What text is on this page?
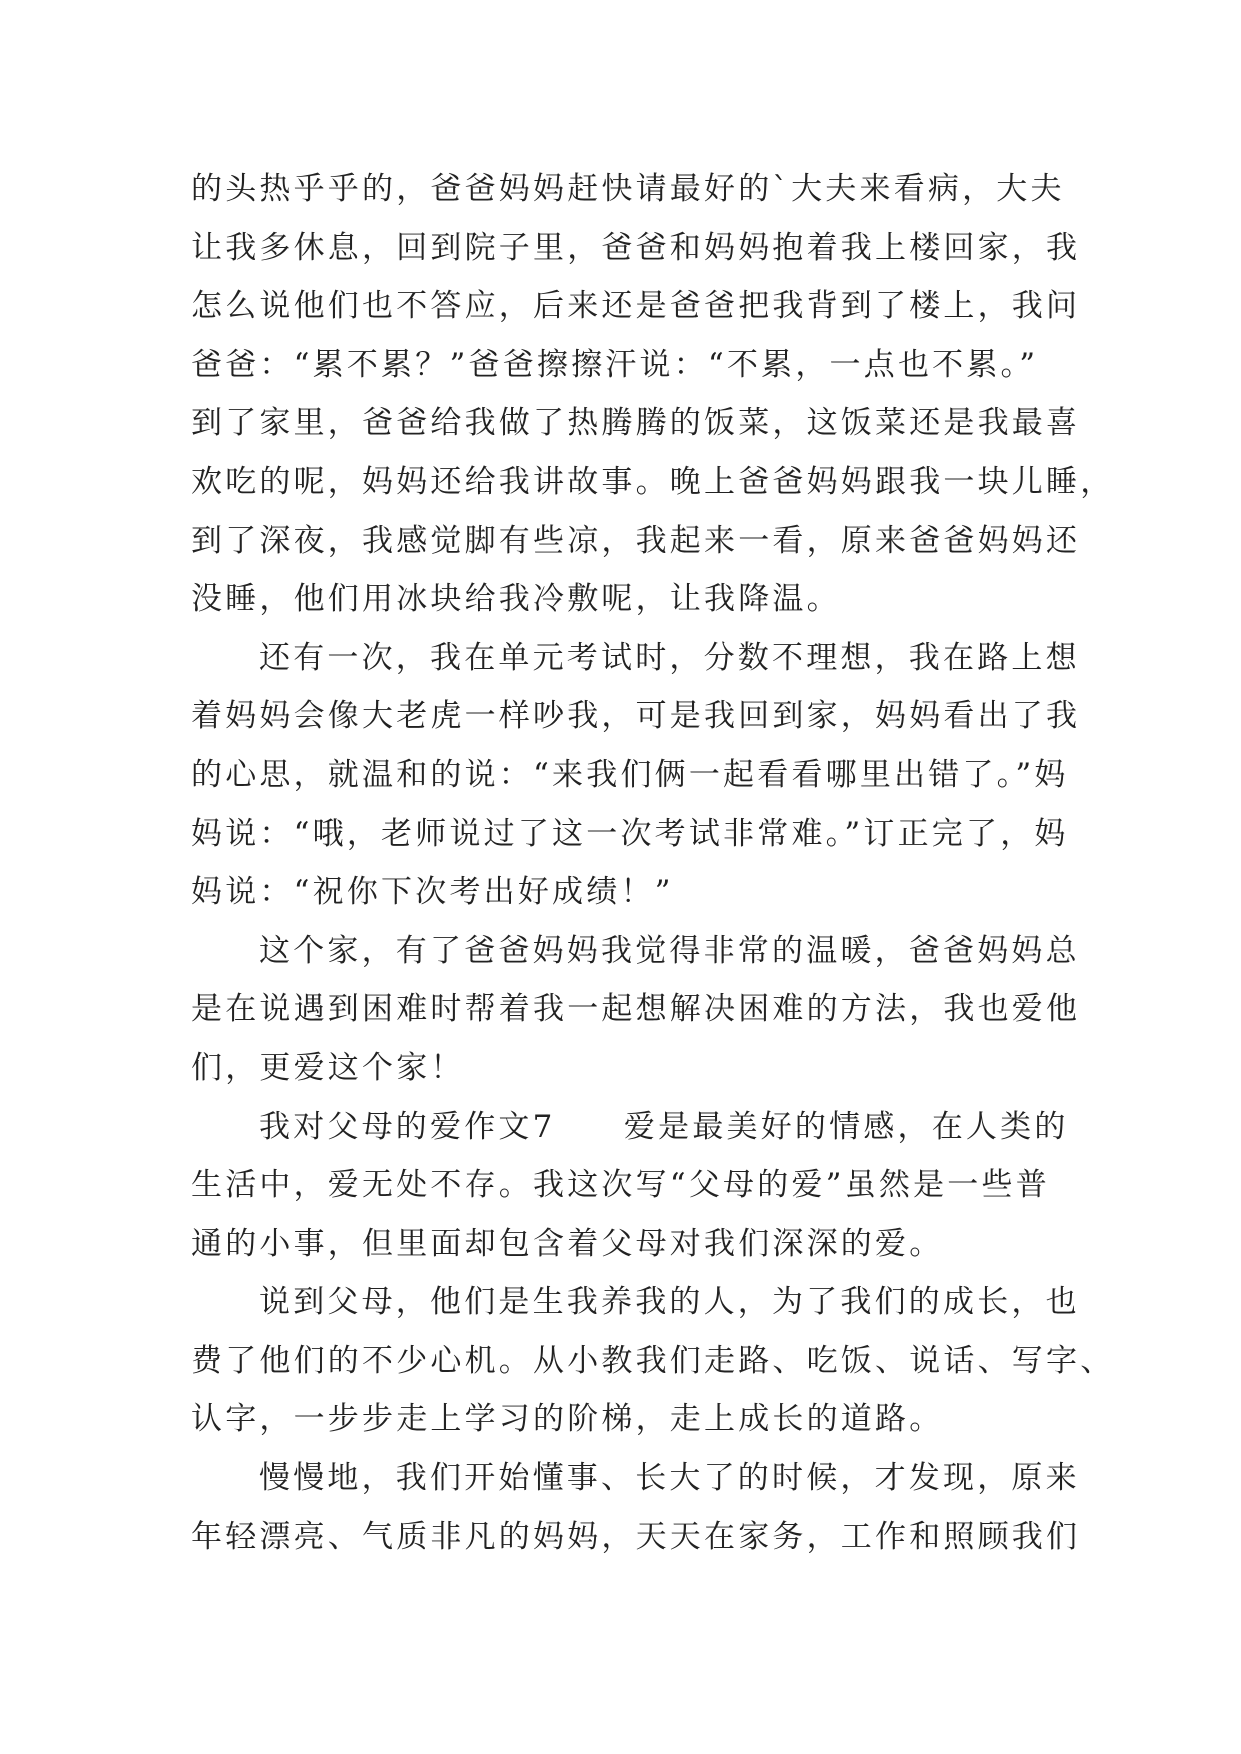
的头热乎乎的，爸爸妈妈赶快请最好的`大夫来看病，大夫
让我多休息，回到院子里，爸爸和妈妈抱着我上楼回家，我
怎么说他们也不答应，后来还是爸爸把我背到了楼上，我问
爸爸：“累不累？”爸爸擦擦汗说：“不累，一点也不累。”
到了家里，爸爸给我做了热腾腾的饭菜，这饭菜还是我最喜
欢吃的呢，妈妈还给我讲故事。晚上爸爸妈妈跟我一块儿睡，
到了深夜，我感觉脚有些凉，我起来一看，原来爸爸妈妈还
没睡，他们用冰块给我冷敷呢，让我降温。
还有一次，我在单元考试时，分数不理想，我在路上想
着妈妈会像大老虎一样吵我，可是我回到家，妈妈看出了我
的心思，就温和的说：“来我们俩一起看看哪里出错了。”妈
妈说：“哦，老师说过了这一次考试非常难。”订正完了，妈
妈说：“祝你下次考出好成绩！”
这个家，有了爸爸妈妈我觉得非常的温暖，爸爸妈妈总
是在说遇到困难时帮着我一起想解决困难的方法，我也爱他
们，更爱这个家！
我对父母的爱作文7　　爱是最美好的情感，在人类的
生活中，爱无处不存。我这次写“父母的爱”虽然是一些普
通的小事，但里面却包含着父母对我们深深的爱。
说到父母，他们是生我养我的人，为了我们的成长，也
费了他们的不少心机。从小教我们走路、吃饭、说话、写字、
认字，一步步走上学习的阶梯，走上成长的道路。
慢慢地，我们开始懂事、长大了的时候，才发现，原来
年轻漂亮、气质非凡的妈妈，天天在家务，工作和照顾我们
